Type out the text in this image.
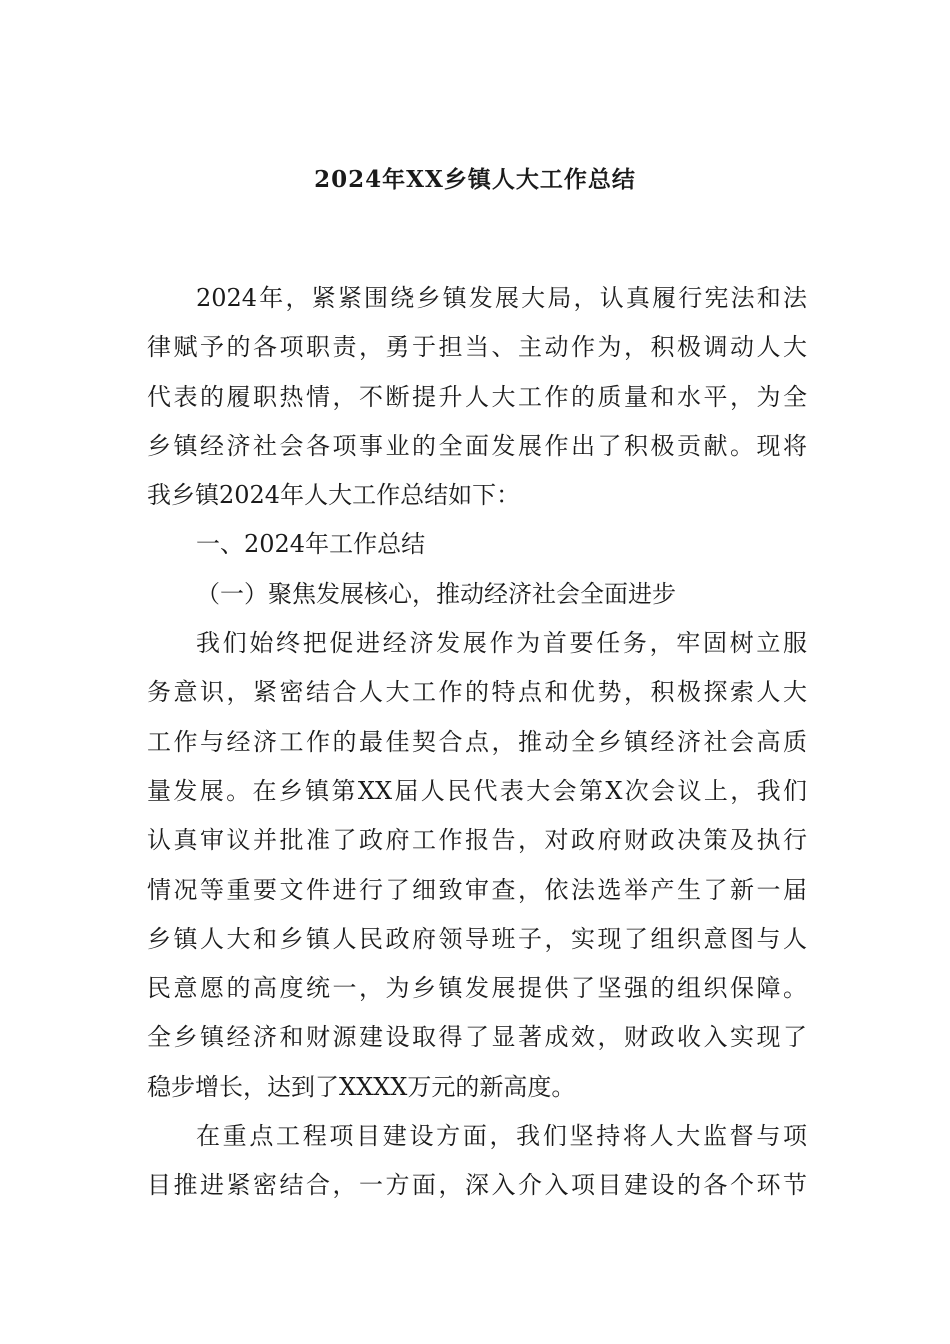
2024年XX乡镇人大工作总结
2024年，紧紧围绕乡镇发展大局，认真履行宪法和法
律赋予的各项职责，勇于担当、主动作为，积极调动人大
代表的履职热情，不断提升人大工作的质量和水平，为全
乡镇经济社会各项事业的全面发展作出了积极贡献。现将
我乡镇2024年人大工作总结如下：
一、2024年工作总结
（一）聚焦发展核心，推动经济社会全面进步
我们始终把促进经济发展作为首要任务，牢固树立服
务意识，紧密结合人大工作的特点和优势，积极探索人大
工作与经济工作的最佳契合点，推动全乡镇经济社会高质
量发展。在乡镇第XX届人民代表大会第X次会议上，我们
认真审议并批准了政府工作报告，对政府财政决策及执行
情况等重要文件进行了细致审查，依法选举产生了新一届
乡镇人大和乡镇人民政府领导班子，实现了组织意图与人
民意愿的高度统一，为乡镇发展提供了坚强的组织保障。
全乡镇经济和财源建设取得了显著成效，财政收入实现了
稳步增长，达到了XXXX万元的新高度。
在重点工程项目建设方面，我们坚持将人大监督与项
目推进紧密结合，一方面，深入介入项目建设的各个环节
